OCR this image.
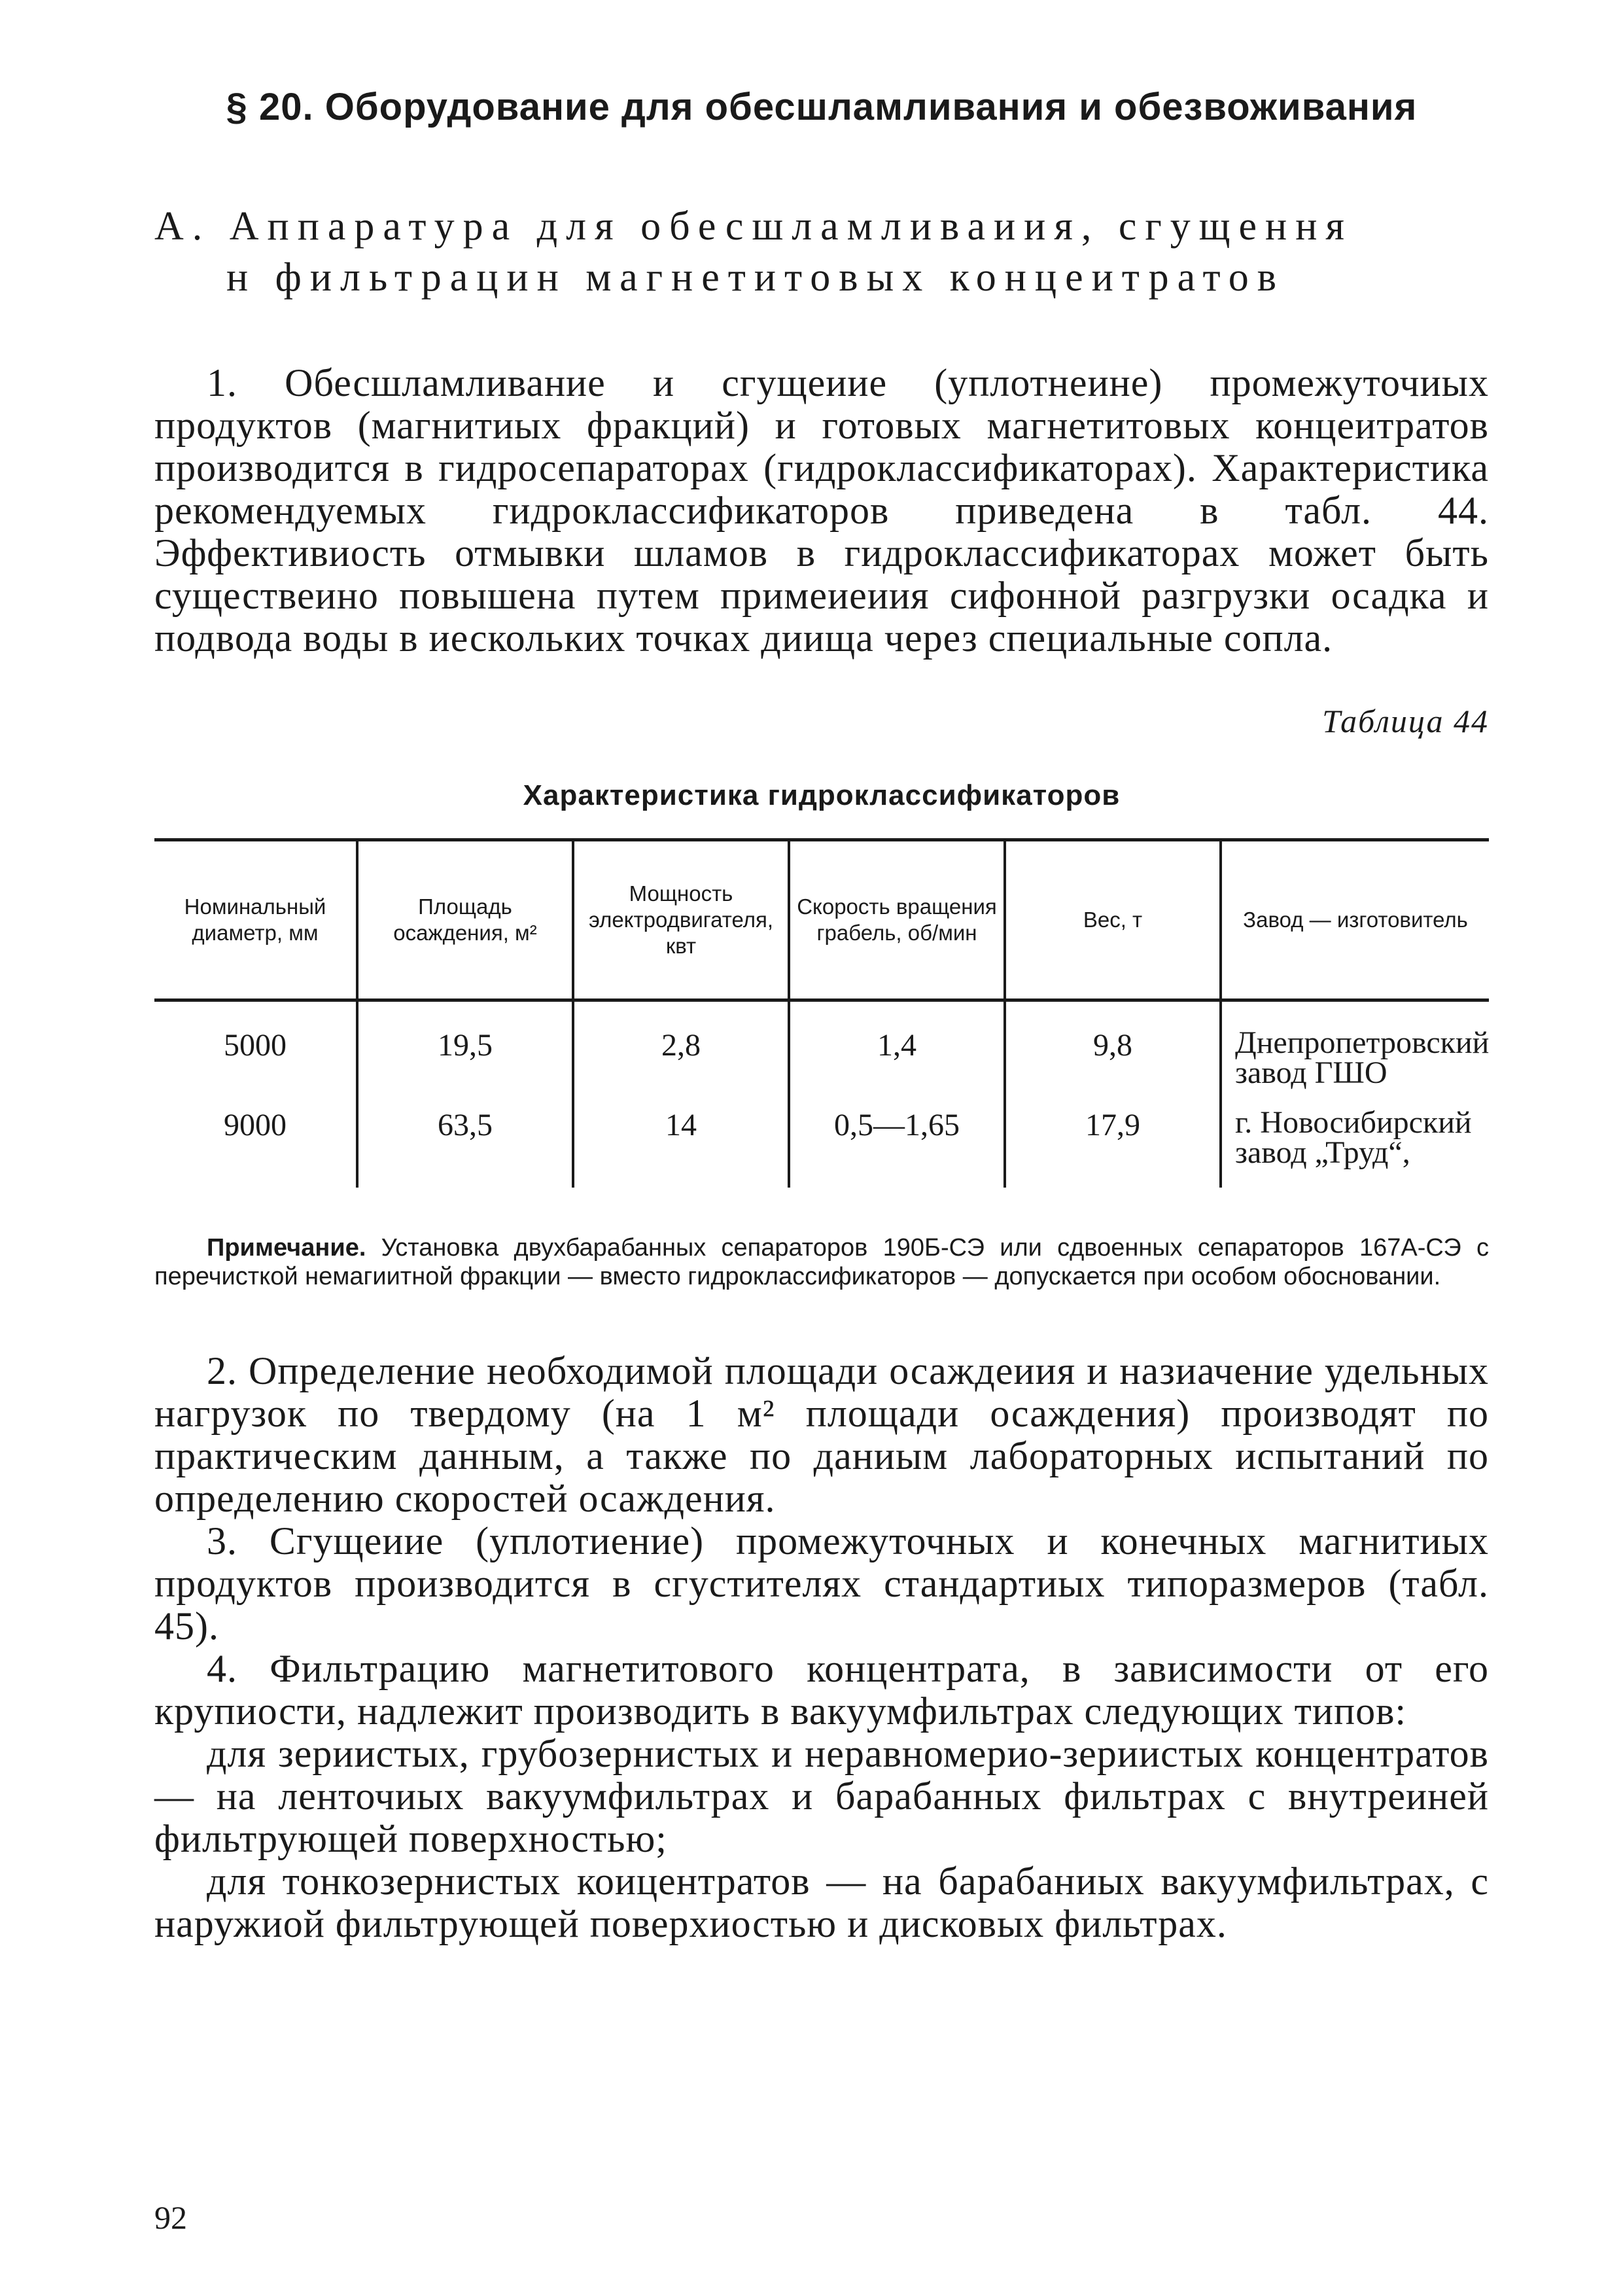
§ 20. Оборудование для обесшламливания и обезвоживания
А. Аппаратура для обесшламливаиия, сгущення
н фильтрацин магнетитовых концеитратов

1. Обесшламливание и сгущеиие (уплотнеине) промежуточиых продуктов (магнитиых фракций) и готовых магнетитовых концеитратов производится в гидросепараторах (гидроклассификаторах). Характеристика рекомендуемых гидроклассификаторов приведена в табл. 44. Эффективиость отмывки шламов в гидроклассификаторах может быть существеино повышена путем примеиеиия сифонной разгрузки осадка и подвода воды в иескольких точках диища через специальные сопла.

Таблица 44
Характеристика гидроклассификаторов
Номинальный диаметр, мм	Площадь осаждения, м²	Мощность электродвигателя, квт	Скорость вращения грабель, об/мин	Вес, т	Завод — изготовитель
5000	19,5	2,8	1,4	9,8	Днепропетровский завод ГШО
9000	63,5	14	0,5—1,65	17,9	г. Новосибирский завод „Труд“,
Примечание. Установка двухбарабанных сепараторов 190Б-СЭ или сдвоенных сепараторов 167А-СЭ с перечисткой немагиитной фракции — вместо гидроклассификаторов — допускается при особом обосновании.

2. Определение необходимой площади осаждеиия и назиачение удельных нагрузок по твердому (на 1 м² площади осаждения) производят по практическим данным, а также по даниым лабораторных испытаний по определению скоростей осаждения.

3. Сгущеиие (уплотиение) промежуточных и конечных магнитиых продуктов производится в сгустителях стандартиых типоразмеров (табл. 45).

4. Фильтрацию магнетитового концентрата, в зависимости от его крупиости, надлежит производить в вакуумфильтрах следующих типов:

для зериистых, грубозернистых и неравномерио-зериистых концентратов — на ленточиых вакуумфильтрах и барабанных фильтрах с внутреиней фильтрующей поверхностью;

для тонкозернистых коицентратов — на барабаниых вакуумфильтрах, с наружиой фильтрующей поверхиостью и дисковых фильтрах.

92
